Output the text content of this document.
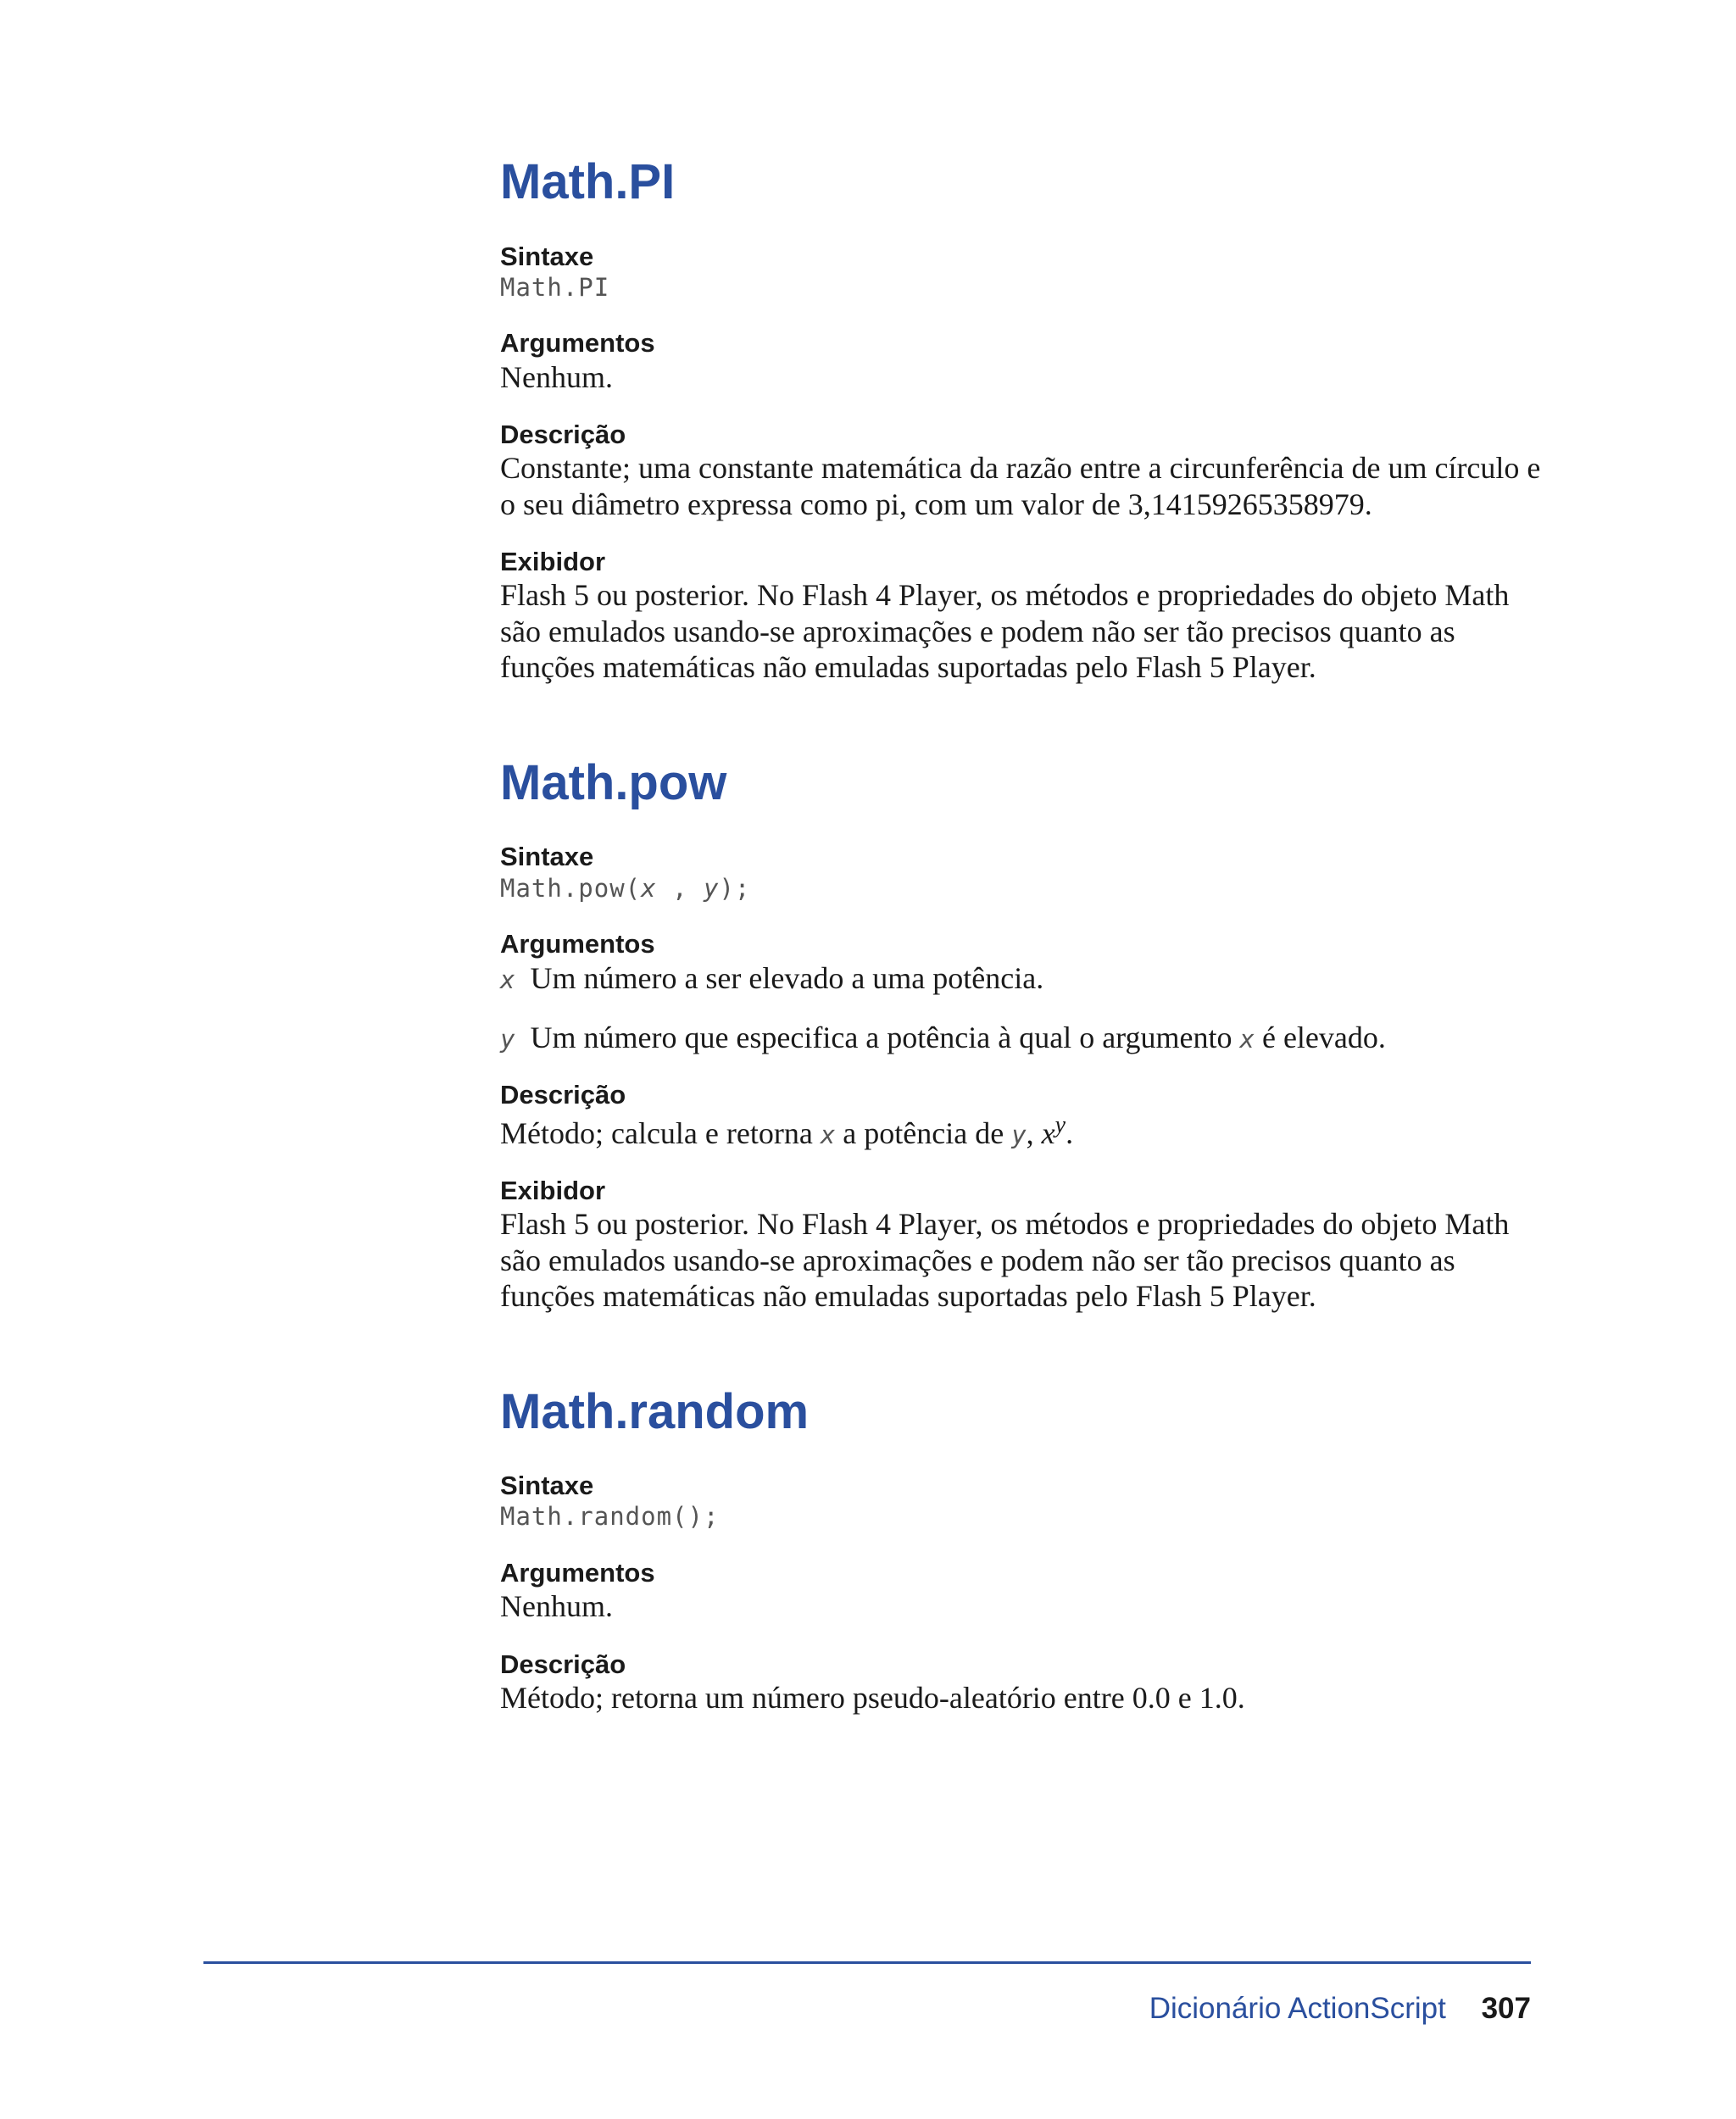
Math.PI

Sintaxe

Math.PI

Argumentos

Nenhum.

Descrição

Constante; uma constante matemática da razão entre a circunferência de um círculo e o seu diâmetro expressa como pi, com um valor de 3,14159265358979.

Exibidor

Flash 5 ou posterior. No Flash 4 Player, os métodos e propriedades do objeto Math são emulados usando-se aproximações e podem não ser tão precisos quanto as funções matemáticas não emuladas suportadas pelo Flash 5 Player.

Math.pow

Sintaxe

Math.pow(x , y);

Argumentos

x Um número a ser elevado a uma potência.

y Um número que especifica a potência à qual o argumento x é elevado.

Descrição

Método; calcula e retorna x a potência de y, $x^y$.

Exibidor

Flash 5 ou posterior. No Flash 4 Player, os métodos e propriedades do objeto Math são emulados usando-se aproximações e podem não ser tão precisos quanto as funções matemáticas não emuladas suportadas pelo Flash 5 Player.

Math.random

Sintaxe

Math.random();

Argumentos

Nenhum.

Descrição

Método; retorna um número pseudo-aleatório entre 0.0 e 1.0.

Dicionário ActionScript 307
